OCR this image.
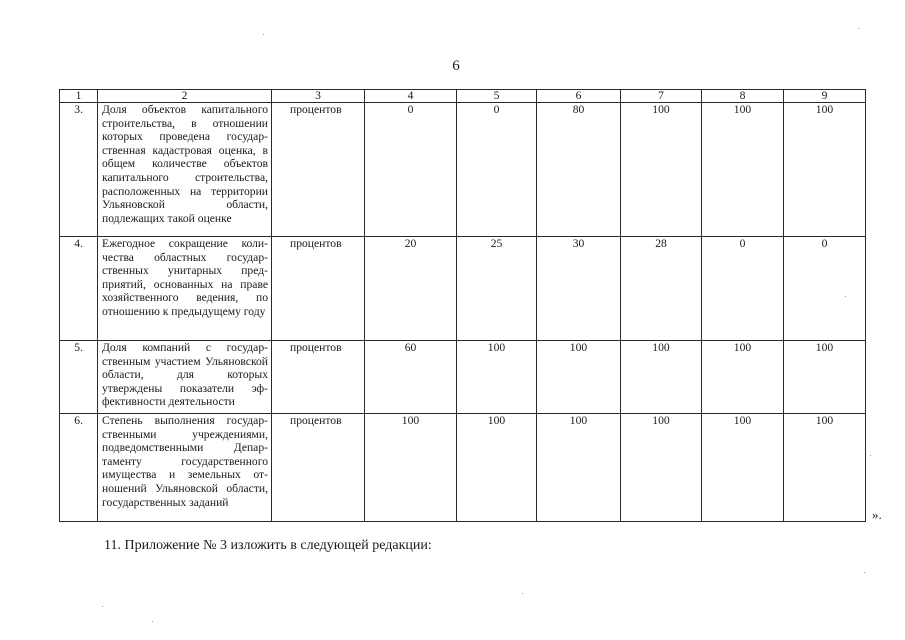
6
1	2	3	4	5	6	7	8	9
3.	Доля объектов капитального строительства, в отношении которых проведена государственная кадастровая оценка, в общем количестве объектов капитального строительства, расположенных на территории Ульяновской области, подлежащих такой оценке	процентов	0	0	80	100	100	100
4.	Ежегодное сокращение количества областных государственных унитарных предприятий, основанных на праве хозяйственного ведения, по отношению к предыдущему году	процентов	20	25	30	28	0	0
5.	Доля компаний с государственным участием Ульяновской области, для которых утверждены показатели эффективности деятельности	процентов	60	100	100	100	100	100
6.	Степень выполнения государственными учреждениями, подведомственными Департаменту государственного имущества и земельных отношений Ульяновской области, государственных заданий	процентов	100	100	100	100	100	100
».
11. Приложение № 3 изложить в следующей редакции:
